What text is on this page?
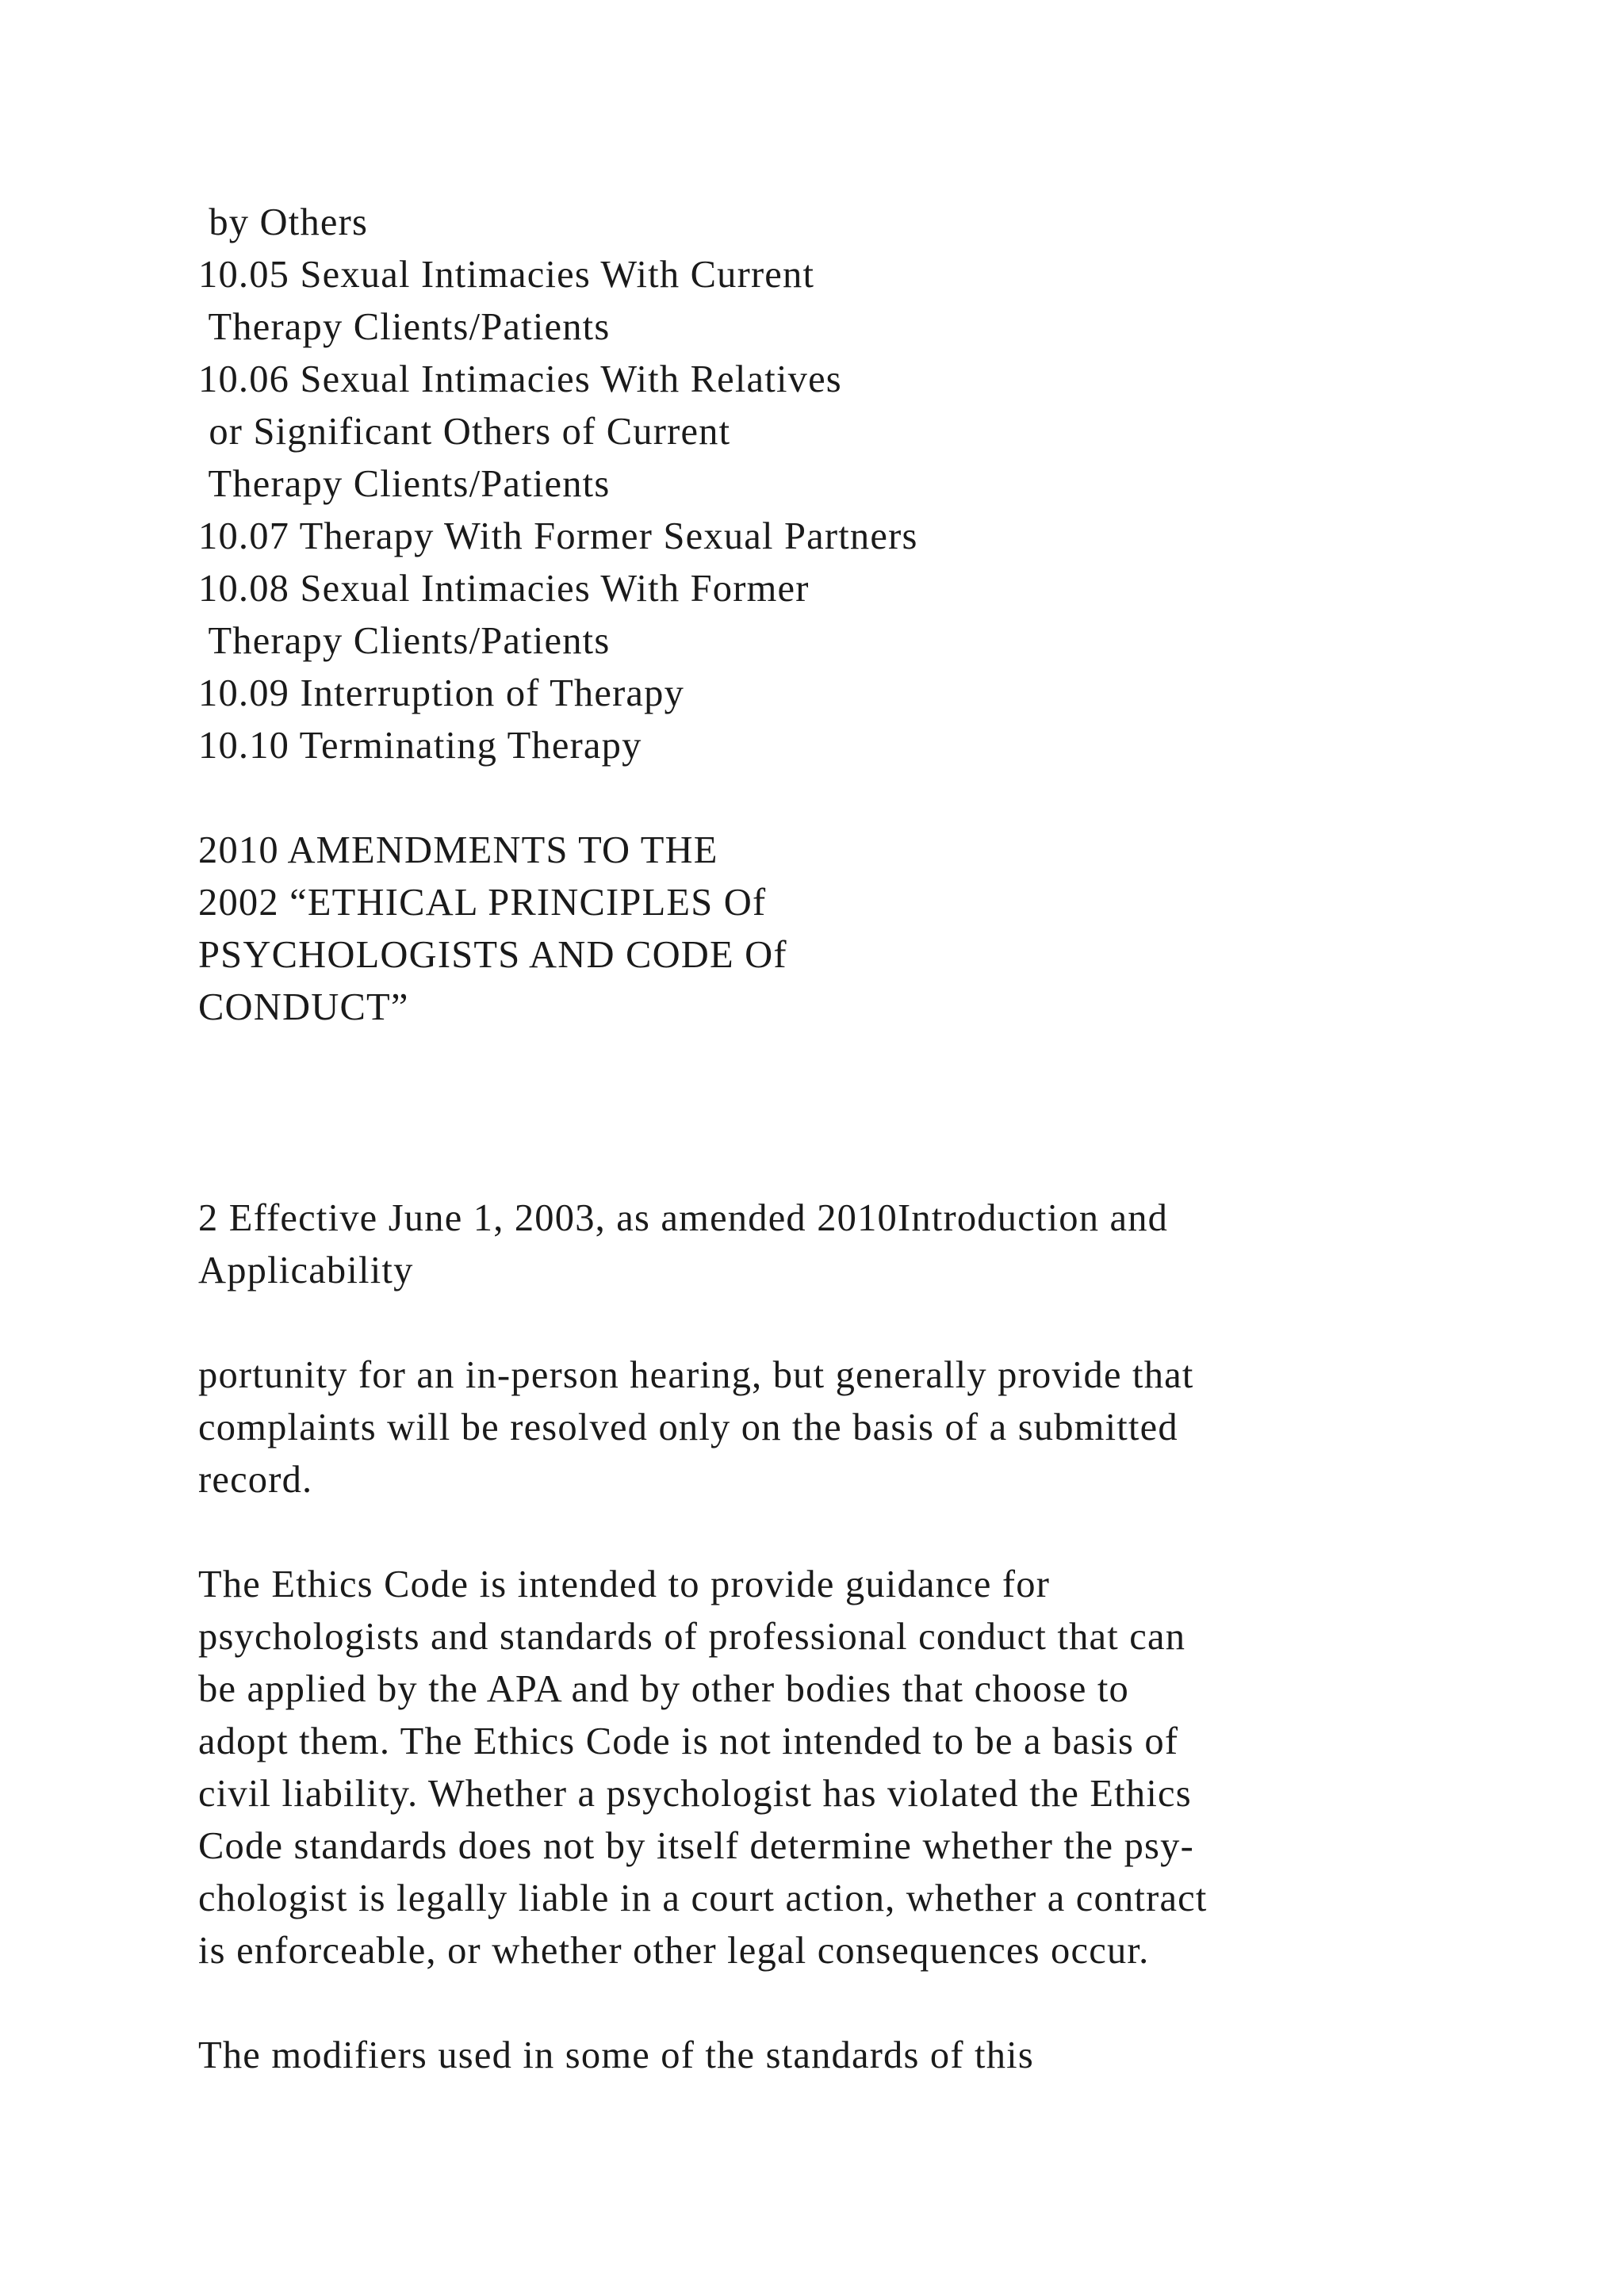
by Others
10.05 Sexual Intimacies With Current
Therapy Clients/Patients
10.06 Sexual Intimacies With Relatives
or Significant Others of Current
Therapy Clients/Patients
10.07 Therapy With Former Sexual Partners
10.08 Sexual Intimacies With Former
Therapy Clients/Patients
10.09 Interruption of Therapy
10.10 Terminating Therapy
2010 AMENDMENTS TO THE
2002 “ETHICAL PRINCIPLES Of
PSYCHOLOGISTS AND CODE Of
CONDUCT”
2 Effective June 1, 2003, as amended 2010Introduction and
Applicability
portunity for an in-person hearing, but generally provide that
complaints will be resolved only on the basis of a submitted
record.
The Ethics Code is intended to provide guidance for
psychologists and standards of professional conduct that can
be applied by the APA and by other bodies that choose to
adopt them. The Ethics Code is not intended to be a basis of
civil liability. Whether a psychologist has violated the Ethics
Code standards does not by itself determine whether the psy-
chologist is legally liable in a court action, whether a contract
is enforceable, or whether other legal consequences occur.
The modifiers used in some of the standards of this
